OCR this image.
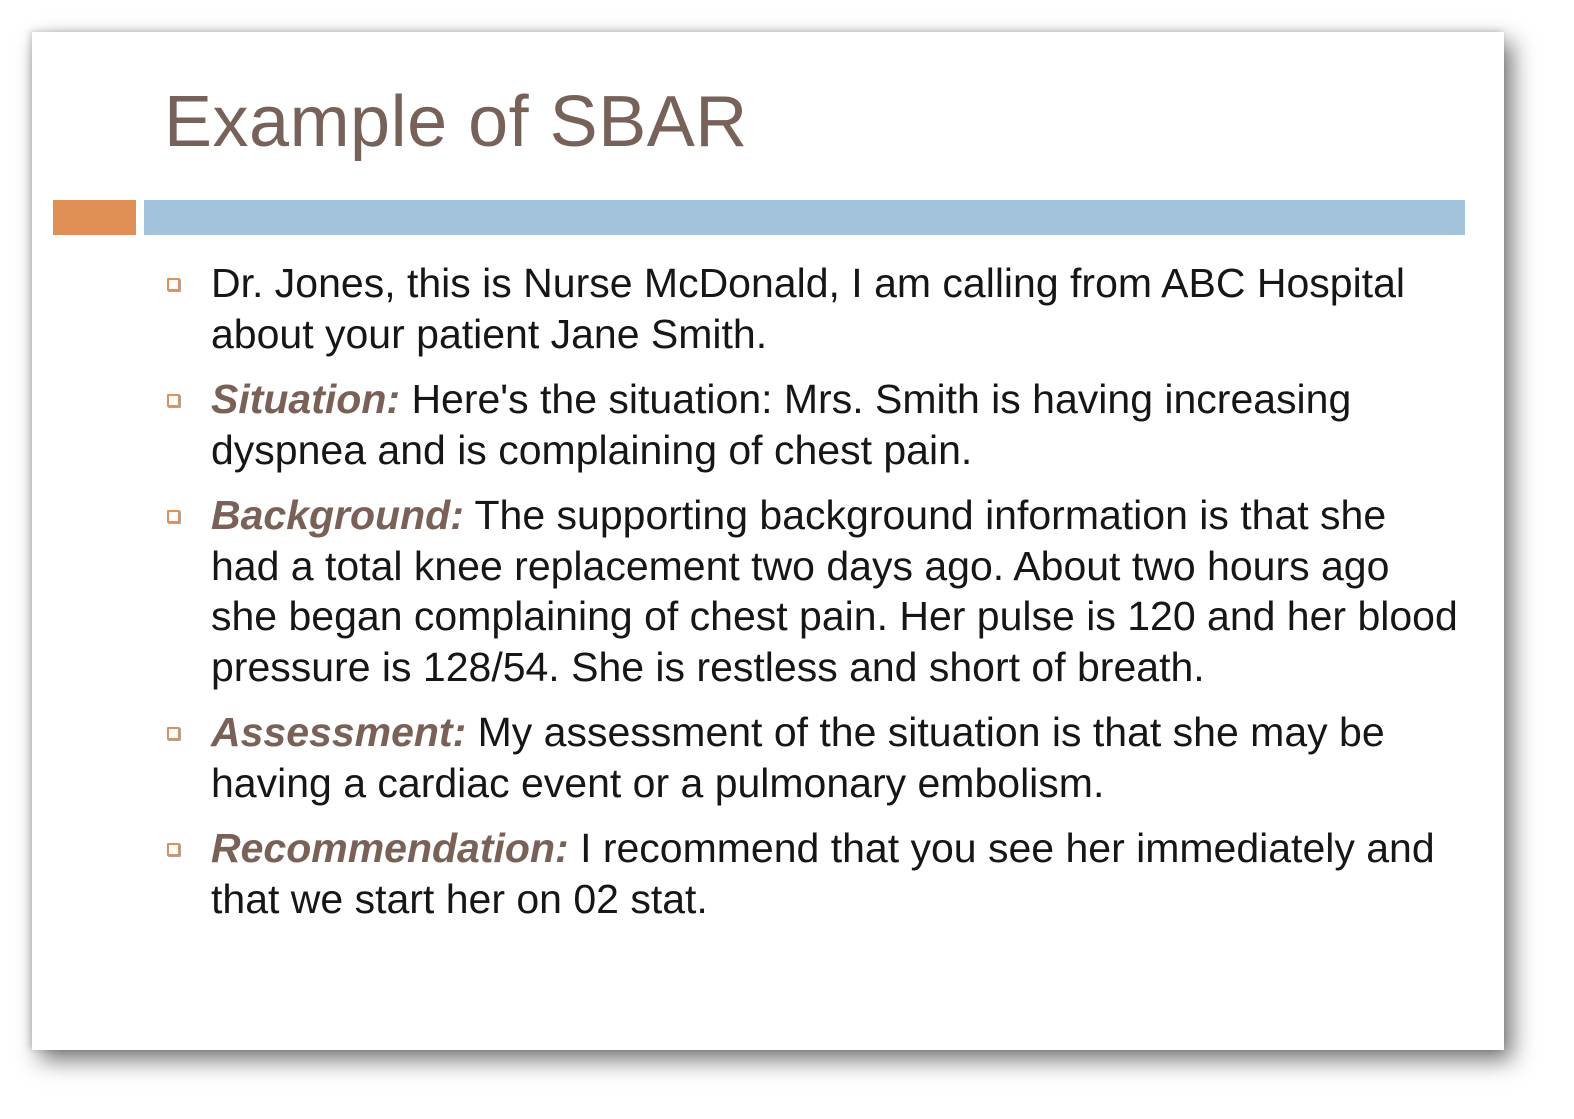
Example of SBAR
Dr. Jones, this is Nurse McDonald, I am calling from ABC Hospital about your patient Jane Smith.
Situation: Here's the situation: Mrs. Smith is having increasing dyspnea and is complaining of chest pain.
Background: The supporting background information is that she had a total knee replacement two days ago. About two hours ago she began complaining of chest pain. Her pulse is 120 and her blood pressure is 128/54. She is restless and short of breath.
Assessment: My assessment of the situation is that she may be having a cardiac event or a pulmonary embolism.
Recommendation: I recommend that you see her immediately and that we start her on 02 stat.
